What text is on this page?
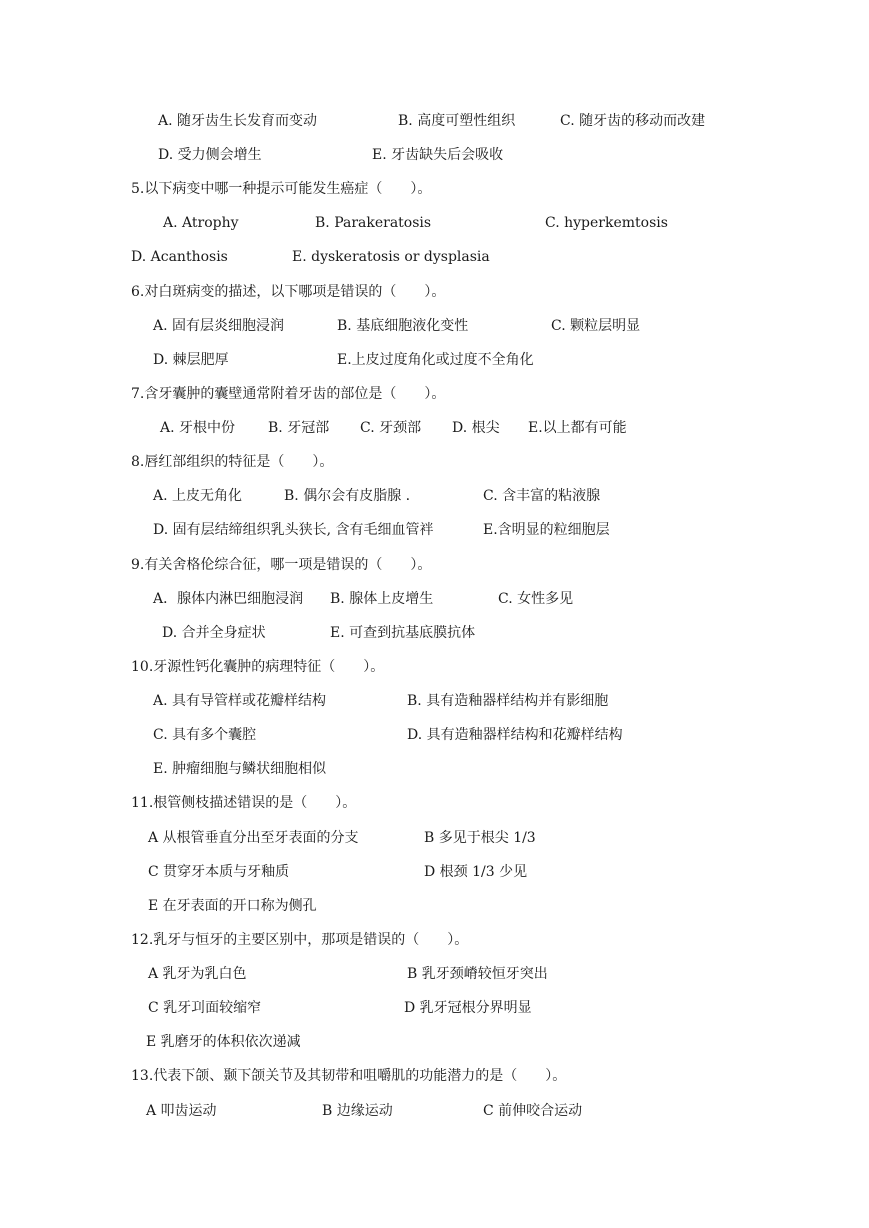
A. 随牙齿生长发育而变动	B. 高度可塑性组织	C. 随牙齿的移动而改建
D. 受力侧会增生	E. 牙齿缺失后会吸收
5.以下病变中哪一种提示可能发生癌症（　　）。
A. Atrophy	B. Parakeratosis	C. hyperkemtosis
D. Acanthosis	E. dyskeratosis or dysplasia
6.对白斑病变的描述，以下哪项是错误的（　　）。
A. 固有层炎细胞浸润	B. 基底细胞液化变性	C. 颗粒层明显
D. 棘层肥厚	E.上皮过度角化或过度不全角化
7.含牙囊肿的囊壁通常附着牙齿的部位是（　　）。
A. 牙根中份 B. 牙冠部 C. 牙颈部 D. 根尖 E.以上都有可能
8.唇红部组织的特征是（　　）。
A. 上皮无角化	B. 偶尔会有皮脂腺 .	C. 含丰富的粘液腺
D. 固有层结缔组织乳头狭长, 含有毛细血管袢	E.含明显的粒细胞层
9.有关舍格伦综合征，哪一项是错误的（　　）。
A．腺体内淋巴细胞浸润 B. 腺体上皮增生	C. 女性多见
D. 合并全身症状	E. 可查到抗基底膜抗体
10.牙源性钙化囊肿的病理特征（　　）。
A. 具有导管样或花瓣样结构	B. 具有造釉器样结构并有影细胞
C. 具有多个囊腔	D. 具有造釉器样结构和花瓣样结构
E. 肿瘤细胞与鳞状细胞相似
11.根管侧枝描述错误的是（　　）。
A 从根管垂直分出至牙表面的分支	B 多见于根尖 1/3
C 贯穿牙本质与牙釉质	D 根颈 1/3 少见
E 在牙表面的开口称为侧孔
12.乳牙与恒牙的主要区别中，那项是错误的（　　）。
A 乳牙为乳白色	B 乳牙颈嵴较恒牙突出
C 乳牙㓚面较缩窄	D 乳牙冠根分界明显
E 乳磨牙的体积依次递减
13.代表下颌、颞下颌关节及其韧带和咀嚼肌的功能潜力的是（　　）。
A 叩齿运动	B 边缘运动	C 前伸咬合运动
